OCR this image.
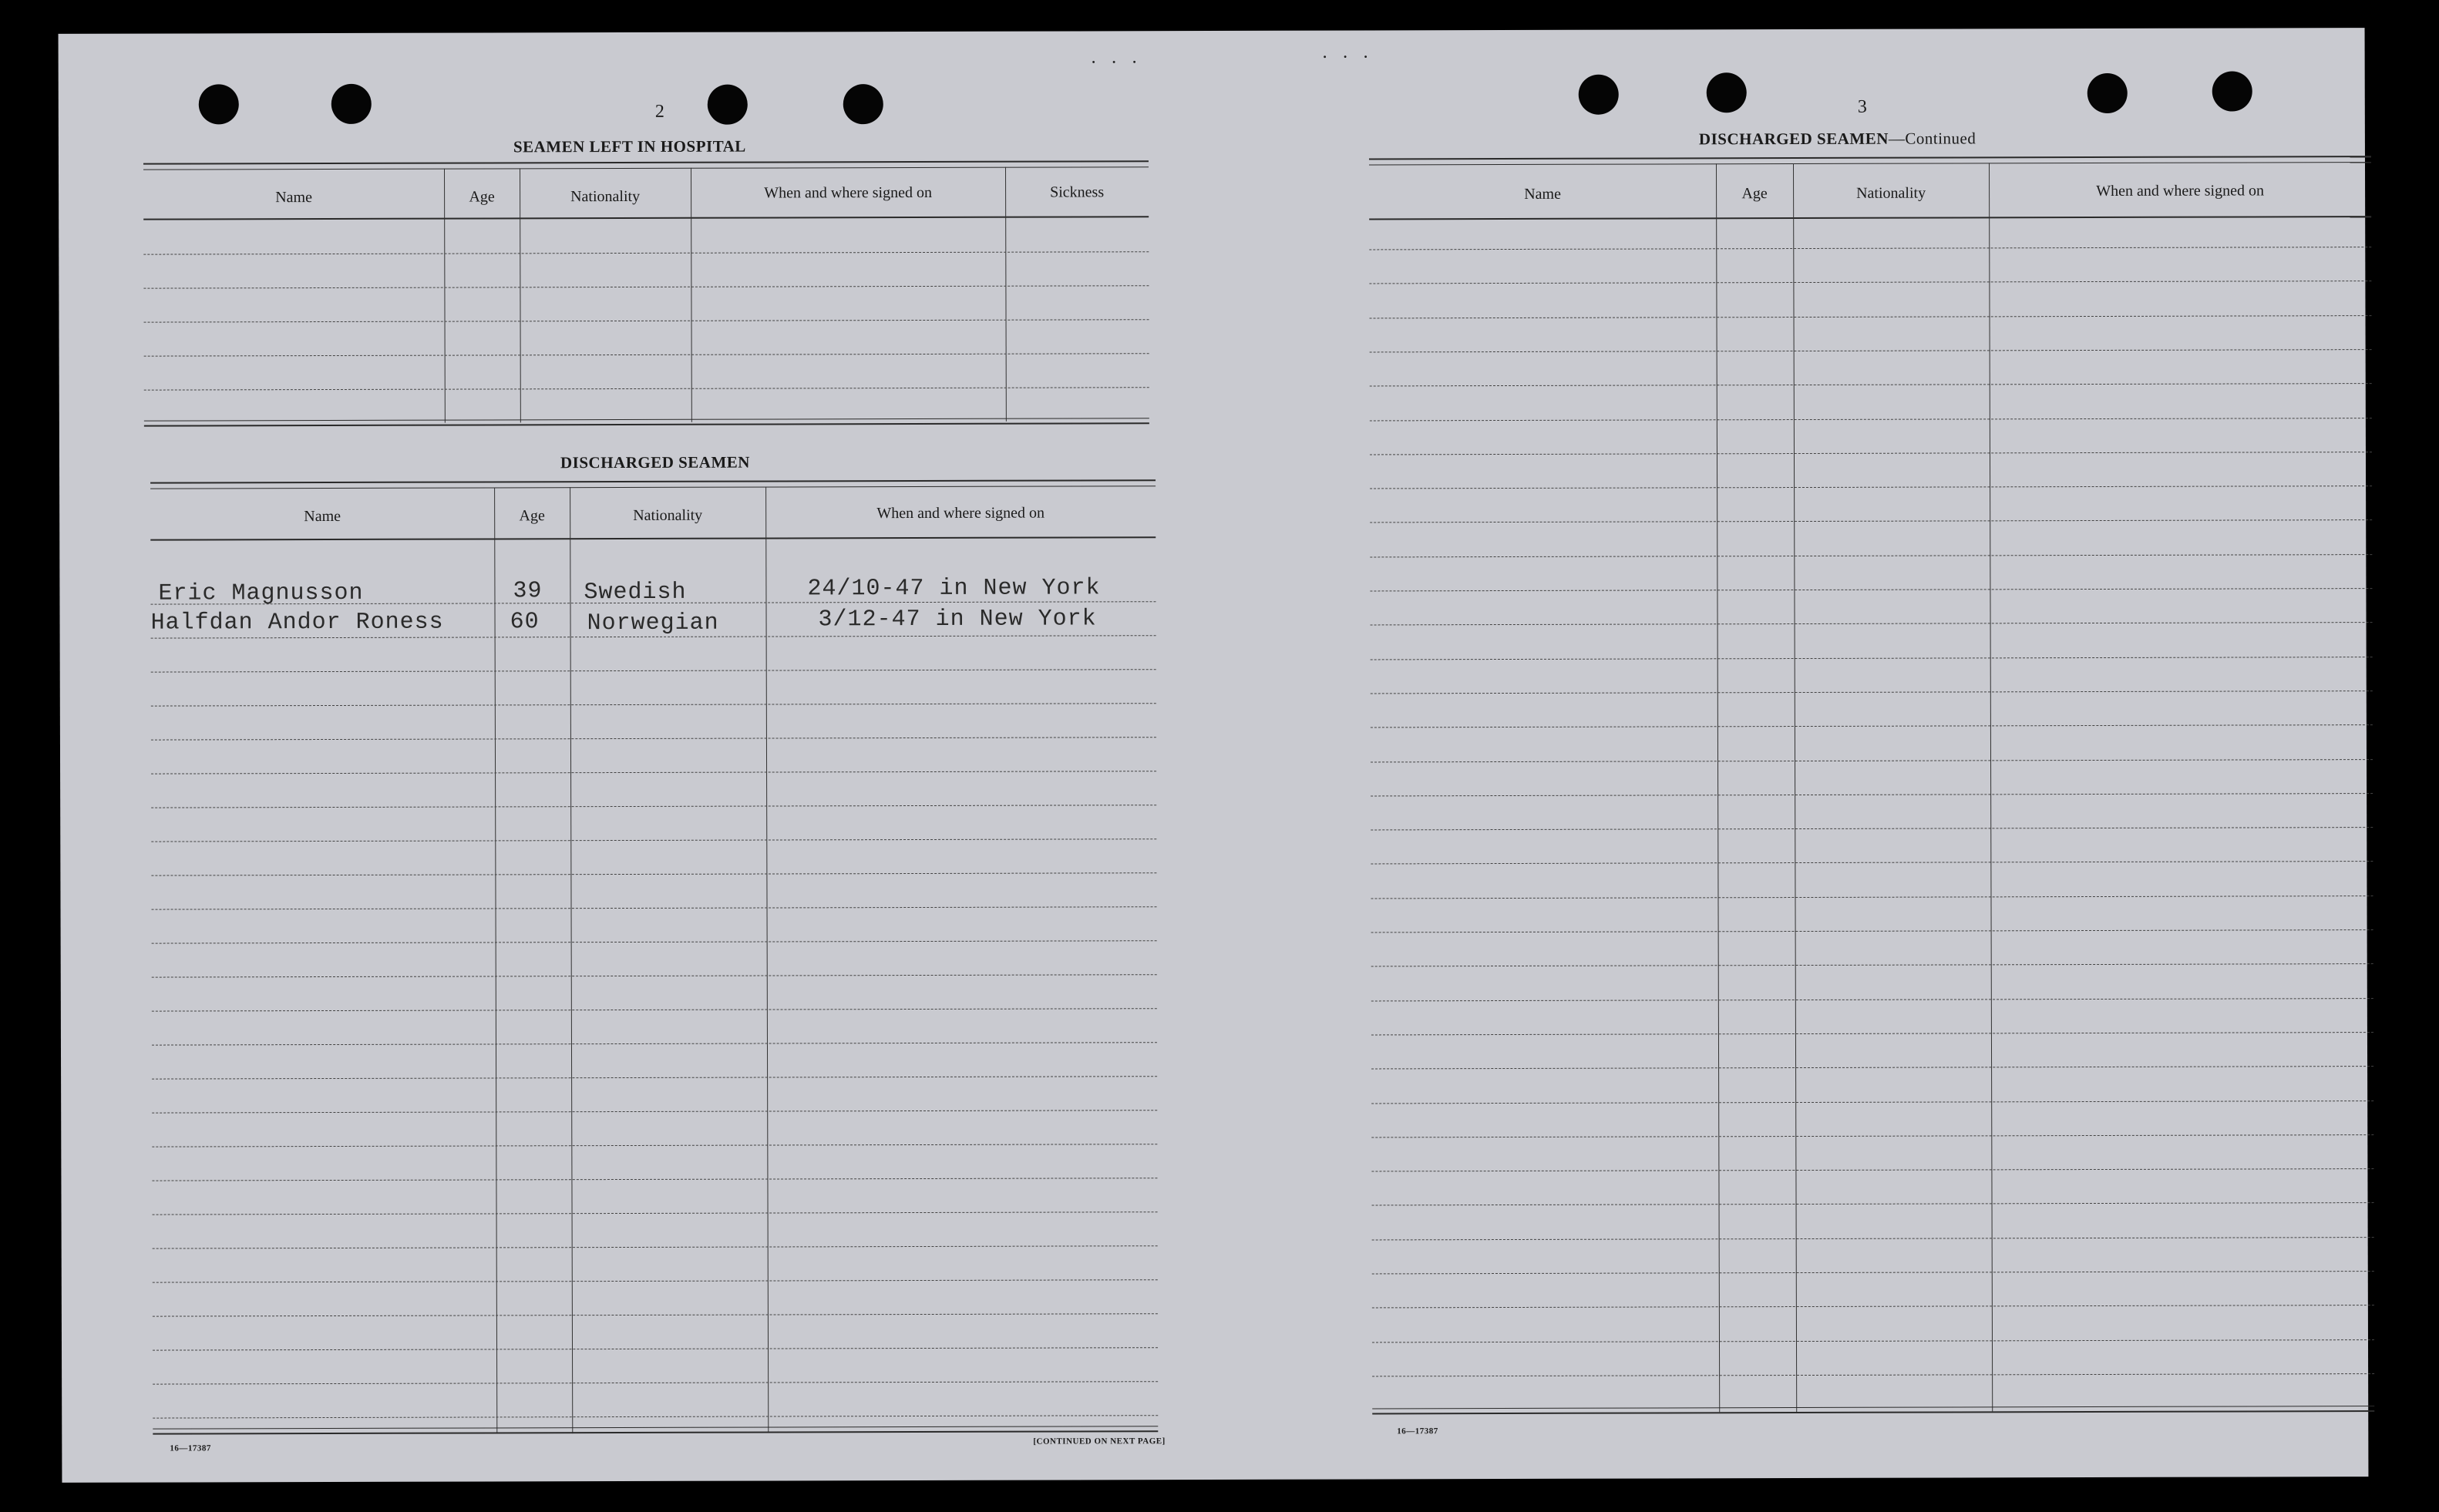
· · ·	· · ·
2
SEAMEN LEFT IN HOSPITAL
Name	Age	Nationality	When and where signed on	Sickness
DISCHARGED SEAMEN
Name	Age	Nationality	When and where signed on
Eric Magnusson	39 Swedish	24/10-47 in New York
Halfdan Andor Roness	60 Norwegian	3/12-47 in New York
16—17387
[CONTINUED ON NEXT PAGE]
3
DISCHARGED SEAMEN—Continued
Name	Age	Nationality	When and where signed on
16—17387
